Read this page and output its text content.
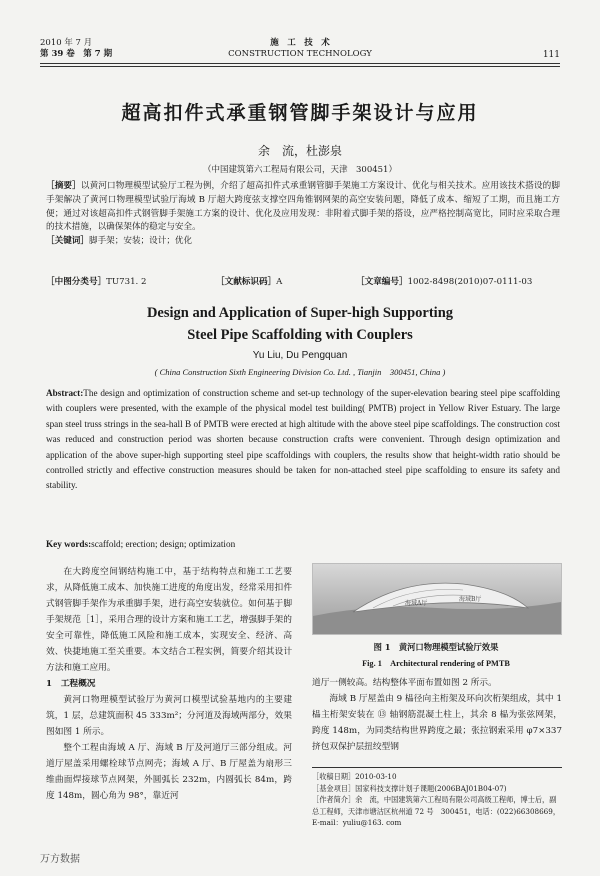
2010 年 7 月
第 39 卷　第 7 期
施　工　技　术
CONSTRUCTION TECHNOLOGY	111
超高扣件式承重钢管脚手架设计与应用
余　流，杜澎泉
（中国建筑第六工程局有限公司，天津　300451）
［摘要］以黄河口物理模型试验厅工程为例，介绍了超高扣件式承重钢管脚手架施工方案设计、优化与相关技术。应用该技术搭设的脚手架解决了黄河口物理模型试验厅海域 B 厅超大跨度弦支撑空四角锥钢网架的高空安装问题，降低了成本、缩短了工期，而且施工方便；通过对该超高扣件式钢管脚手架施工方案的设计、优化及应用发现：非附着式脚手架的搭设，应严格控制高宽比，同时应采取合理的技术措施，以确保架体的稳定与安全。
［关键词］脚手架；安装；设计；优化
［中图分类号］TU731. 2	［文献标识码］A	［文章编号］1002-8498(2010)07-0111-03
Design and Application of Super-high Supporting
Steel Pipe Scaffolding with Couplers
Yu Liu, Du Pengquan
( China Construction Sixth Engineering Division Co. Ltd. , Tianjin　300451, China )
Abstract:The design and optimization of construction scheme and set-up technology of the super-elevation bearing steel pipe scaffolding with couplers were presented, with the example of the physical model test building( PMTB) project in Yellow River Estuary. The large span steel truss strings in the sea-hall B of PMTB were erected at high altitude with the above steel pipe scaffoldings. The construction cost was reduced and construction period was shorten because construction crafts were convenient. Through design optimization and application of the above super-high supporting steel pipe scaffoldings with couplers, the results show that height-width ratio should be controlled strictly and effective construction measures should be taken for non-attached steel pipe scaffolding to ensure its safety and stability.
Key words:scaffold; erection; design; optimization

在大跨度空间钢结构施工中，基于结构特点和施工工艺要求，从降低施工成本、加快施工进度的角度出发，经常采用扣件式钢管脚手架作为承重脚手架，进行高空安装就位。如何基于脚手架规范［1］，采用合理的设计方案和施工工艺，增强脚手架的安全可靠性，降低施工风险和施工成本，实现安全、经济、高效、快捷地施工至关重要。本文结合工程实例，简要介绍其设计方法和施工应用。

1　工程概况

黄河口物理模型试验厅为黄河口模型试验基地内的主要建筑，1 层，总建筑面积 45 333m²；分河道及海域两部分，效果图如图 1 所示。

整个工程由海域 A 厅、海域 B 厅及河道厅三部分组成。河道厅屋盖采用螺栓球节点网壳；海域 A 厅、B 厅屋盖为扇形三维曲面焊接球节点网架，外圆弧长 232m，内圆弧长 84m，跨度 148m，圆心角为 98°，靠近河

海域A厅
海域B厅
图 1　黄河口物理模型试验厅效果
Fig. 1　Architectural rendering of PMTB

道厅一侧较高。结构整体平面布置如图 2 所示。

海域 B 厅屋盖由 9 榀径向主桁架及环向次桁架组成，其中 1 榀主桁架安装在 ⑬ 轴钢筋混凝土柱上，其余 8 榀为张弦网架，跨度 148m，为同类结构世界跨度之最；张拉钢索采用 φ7×337 挤包双保护层扭绞型钢

［收稿日期］2010-03-10
［基金项目］国家科技支撑计划子课题(2006BAJ01B04-07)
［作者简介］余　流，中国建筑第六工程局有限公司高级工程师，博士后，副总工程师，天津市塘沽区杭州道 72 号　300451，电话：(022)66308669，E-mail：yuliu@163. com
万方数据
